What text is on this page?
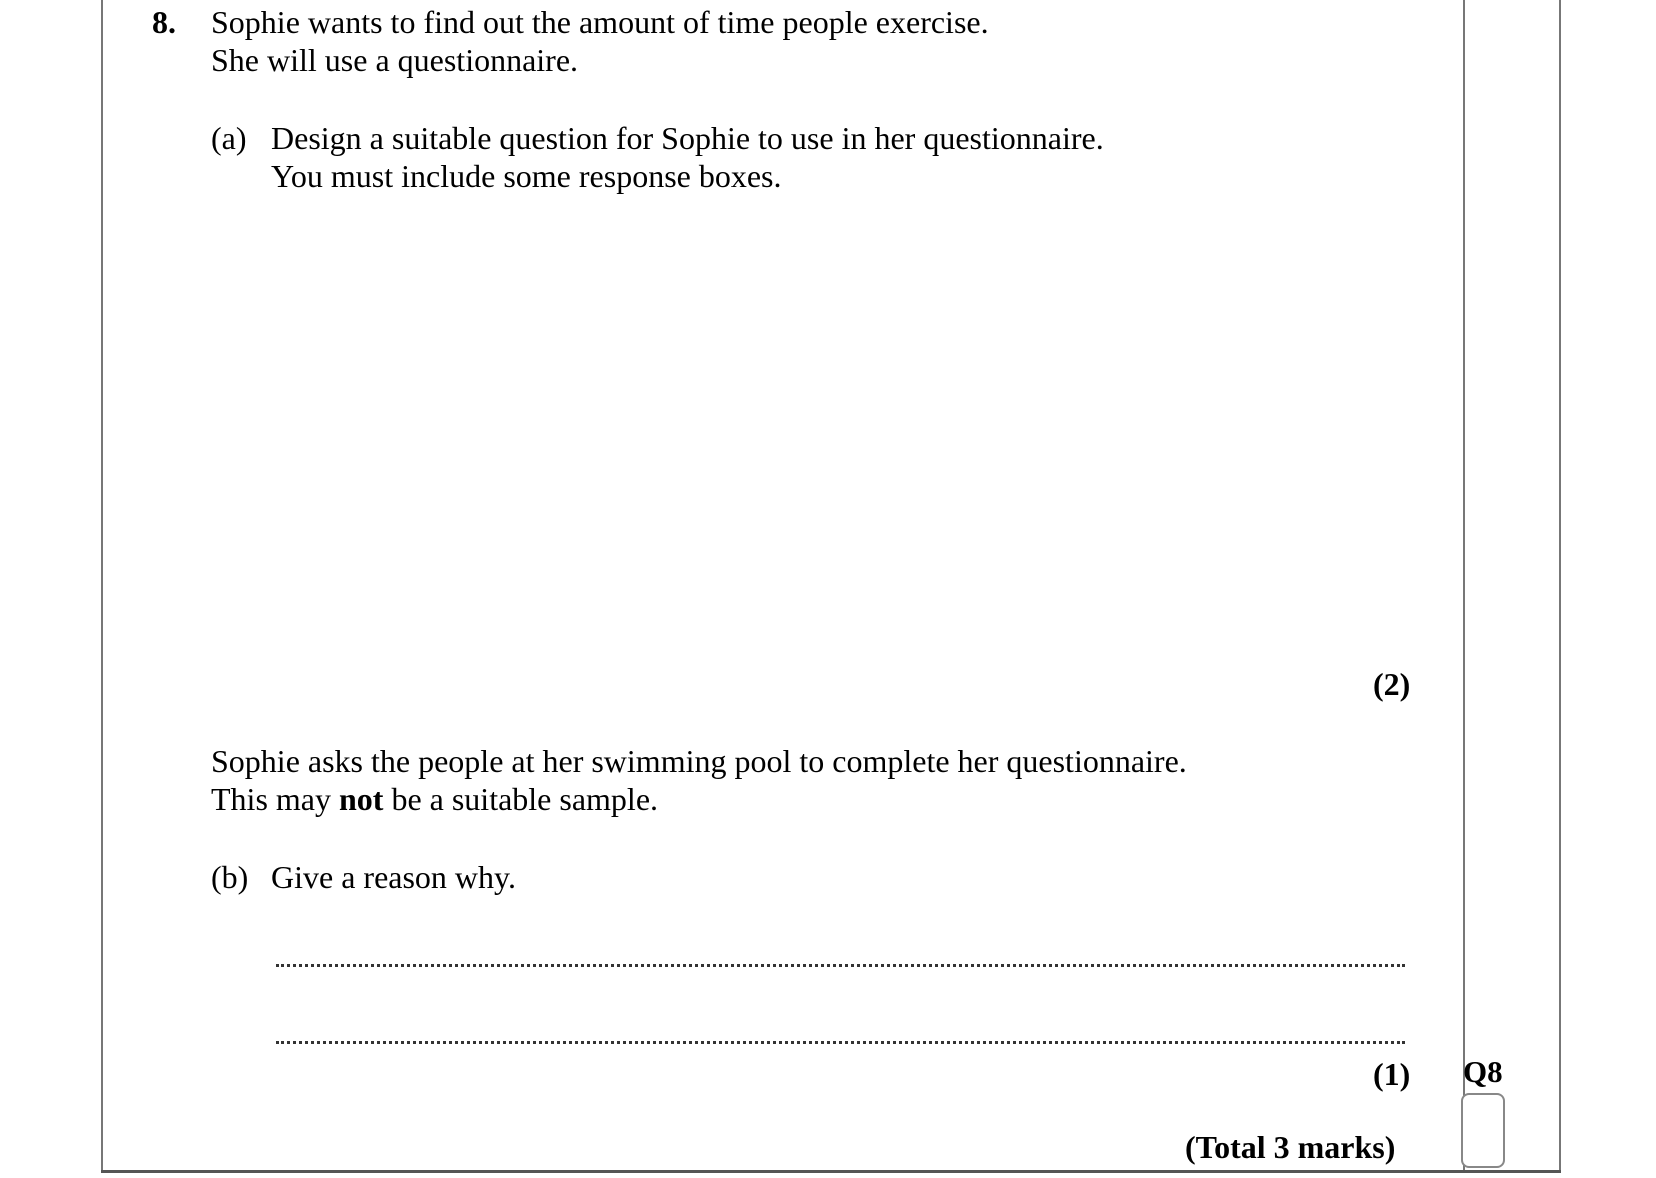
8. Sophie wants to find out the amount of time people exercise.
She will use a questionnaire.
(a) Design a suitable question for Sophie to use in her questionnaire.
You must include some response boxes.
(2)
Sophie asks the people at her swimming pool to complete her questionnaire.
This may not be a suitable sample.
(b) Give a reason why.
(1)
(Total 3 marks)
Q8
